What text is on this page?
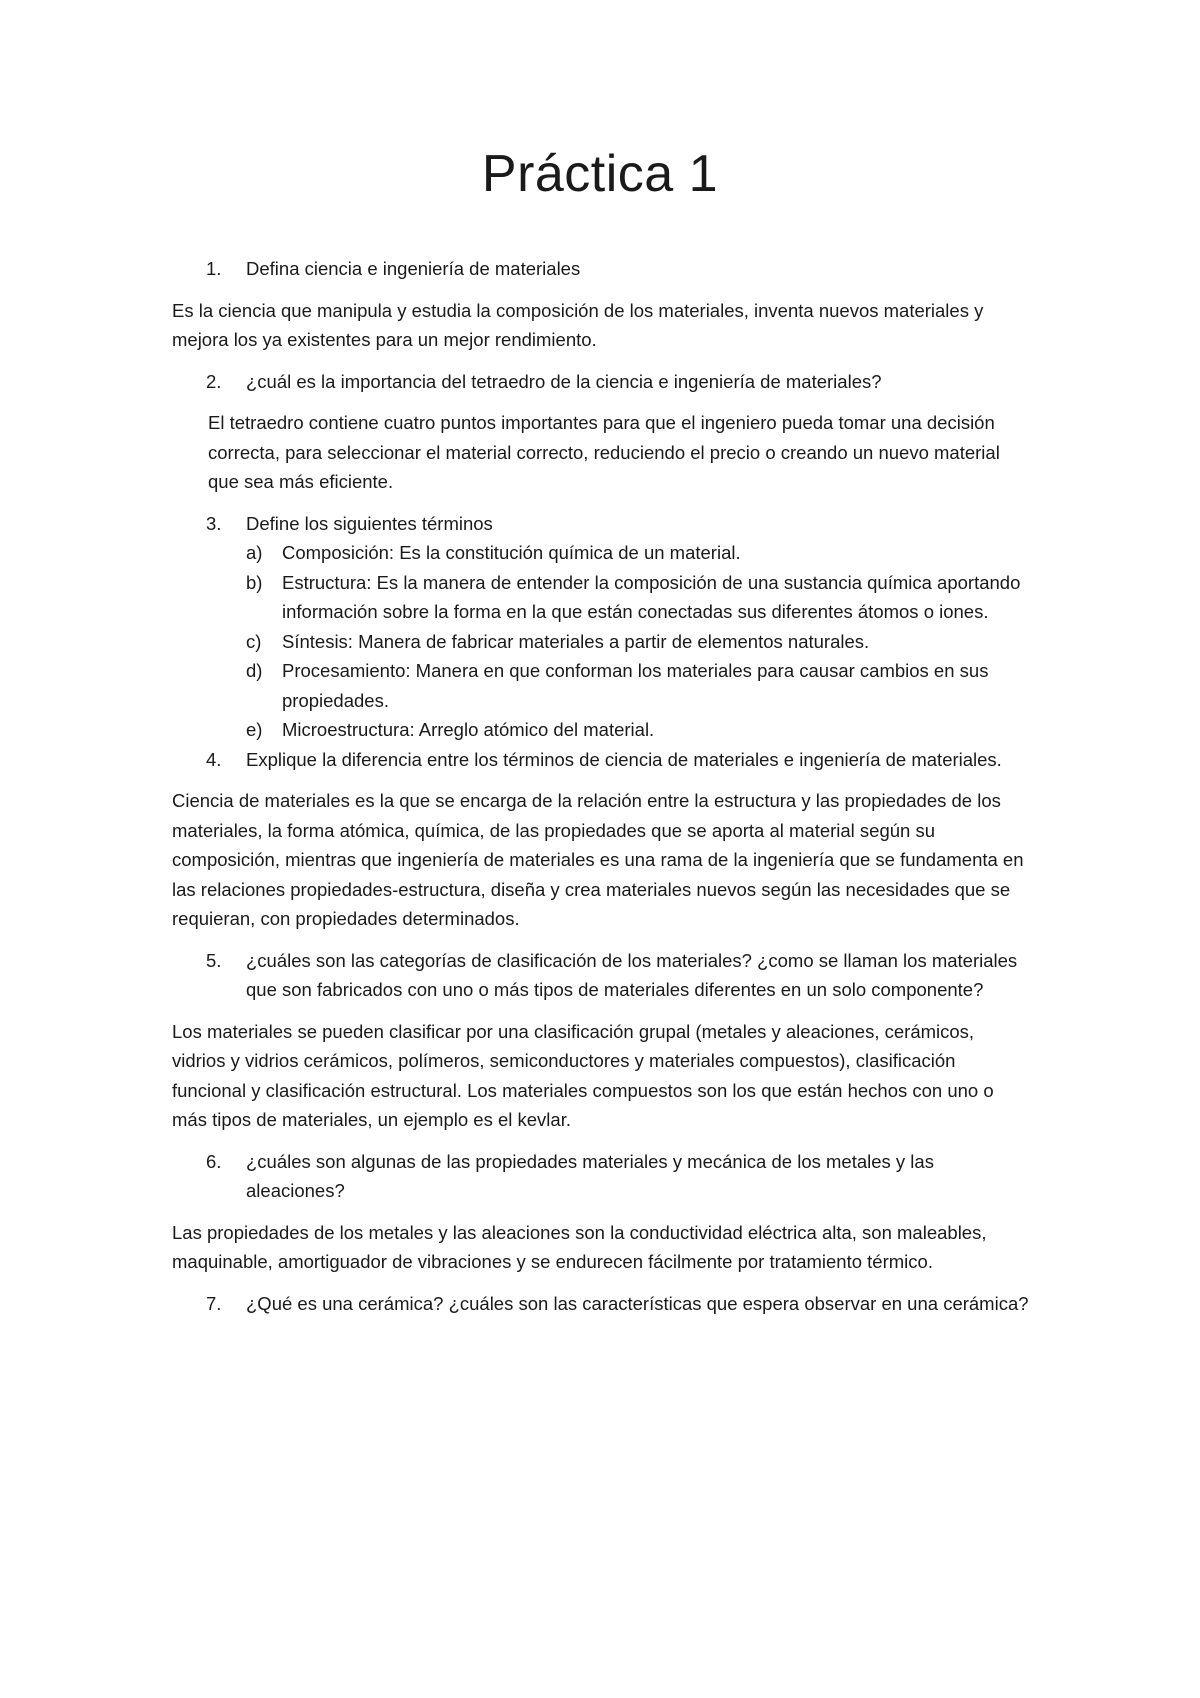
Práctica 1

1. Defina ciencia e ingeniería de materiales

Es la ciencia que manipula y estudia la composición de los materiales, inventa nuevos materiales y mejora los ya existentes para un mejor rendimiento.

2. ¿cuál es la importancia del tetraedro de la ciencia e ingeniería de materiales?

El tetraedro contiene cuatro puntos importantes para que el ingeniero pueda tomar una decisión correcta, para seleccionar el material correcto, reduciendo el precio o creando un nuevo material que sea más eficiente.

3. Define los siguientes términos

a) Composición: Es la constitución química de un material.

b) Estructura: Es la manera de entender la composición de una sustancia química aportando información sobre la forma en la que están conectadas sus diferentes átomos o iones.

c) Síntesis: Manera de fabricar materiales a partir de elementos naturales.

d) Procesamiento: Manera en que conforman los materiales para causar cambios en sus propiedades.

e) Microestructura: Arreglo atómico del material.

4. Explique la diferencia entre los términos de ciencia de materiales e ingeniería de materiales.

Ciencia de materiales es la que se encarga de la relación entre la estructura y las propiedades de los materiales, la forma atómica, química, de las propiedades que se aporta al material según su composición, mientras que ingeniería de materiales es una rama de la ingeniería que se fundamenta en las relaciones propiedades-estructura, diseña y crea materiales nuevos según las necesidades que se requieran, con propiedades determinados.

5. ¿cuáles son las categorías de clasificación de los materiales? ¿como se llaman los materiales que son fabricados con uno o más tipos de materiales diferentes en un solo componente?

Los materiales se pueden clasificar por una clasificación grupal (metales y aleaciones, cerámicos, vidrios y vidrios cerámicos, polímeros, semiconductores y materiales compuestos), clasificación funcional y clasificación estructural. Los materiales compuestos son los que están hechos con uno o más tipos de materiales, un ejemplo es el kevlar.

6. ¿cuáles son algunas de las propiedades materiales y mecánica de los metales y las aleaciones?

Las propiedades de los metales y las aleaciones son la conductividad eléctrica alta, son maleables, maquinable, amortiguador de vibraciones y se endurecen fácilmente por tratamiento térmico.

7. ¿Qué es una cerámica? ¿cuáles son las características que espera observar en una cerámica?
